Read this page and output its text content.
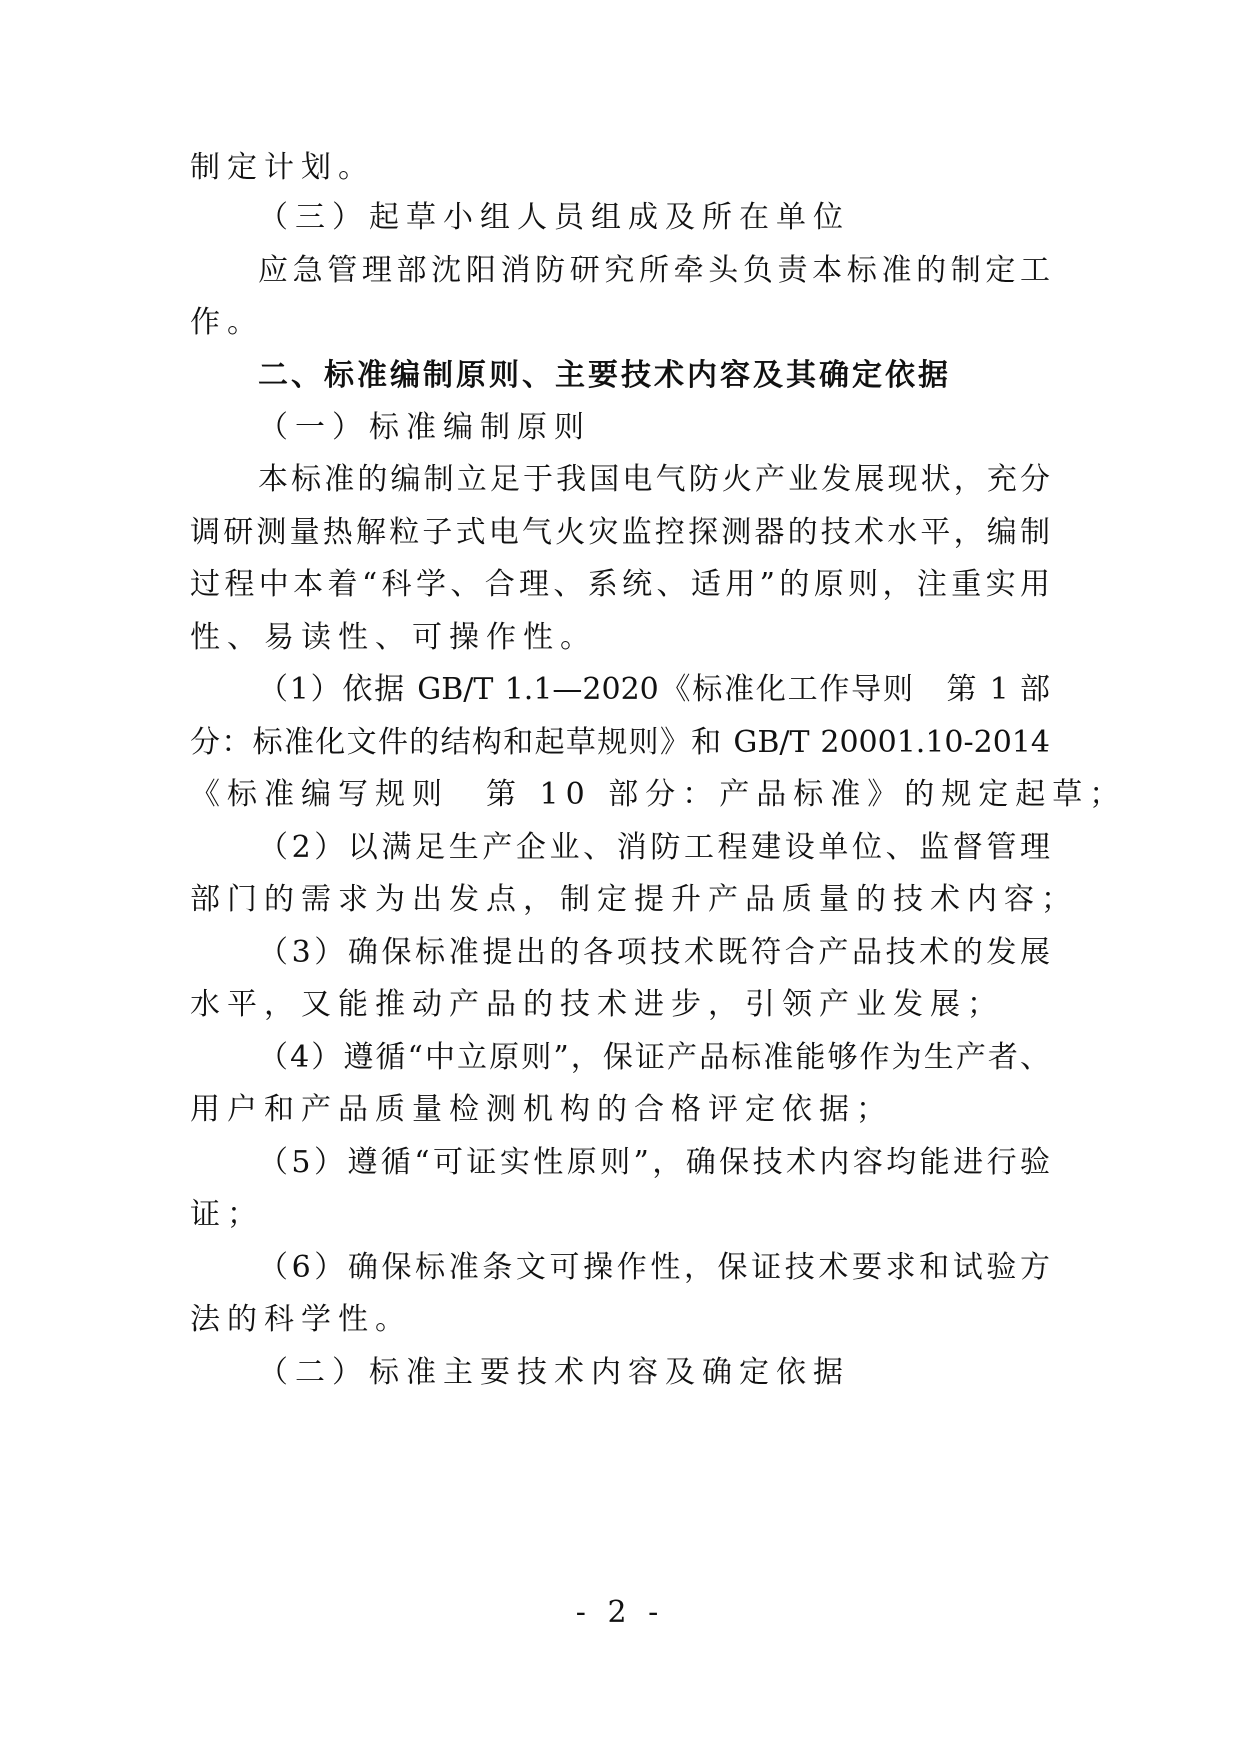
制定计划。
（三）起草小组人员组成及所在单位
应急管理部沈阳消防研究所牵头负责本标准的制定工
作。
二、标准编制原则、主要技术内容及其确定依据
（一）标准编制原则
本标准的编制立足于我国电气防火产业发展现状，充分
调研测量热解粒子式电气火灾监控探测器的技术水平，编制
过程中本着“科学、合理、系统、适用”的原则，注重实用
性、易读性、可操作性。
（1）依据 GB/T 1.1—2020《标准化工作导则　第 1 部
分：标准化文件的结构和起草规则》和 GB/T 20001.10-2014
《标准编写规则　第 10 部分：产品标准》的规定起草；
（2）以满足生产企业、消防工程建设单位、监督管理
部门的需求为出发点，制定提升产品质量的技术内容；
（3）确保标准提出的各项技术既符合产品技术的发展
水平，又能推动产品的技术进步，引领产业发展；
（4）遵循“中立原则”，保证产品标准能够作为生产者、
用户和产品质量检测机构的合格评定依据；
（5）遵循“可证实性原则”，确保技术内容均能进行验
证；
（6）确保标准条文可操作性，保证技术要求和试验方
法的科学性。
（二）标准主要技术内容及确定依据
- 2 -
